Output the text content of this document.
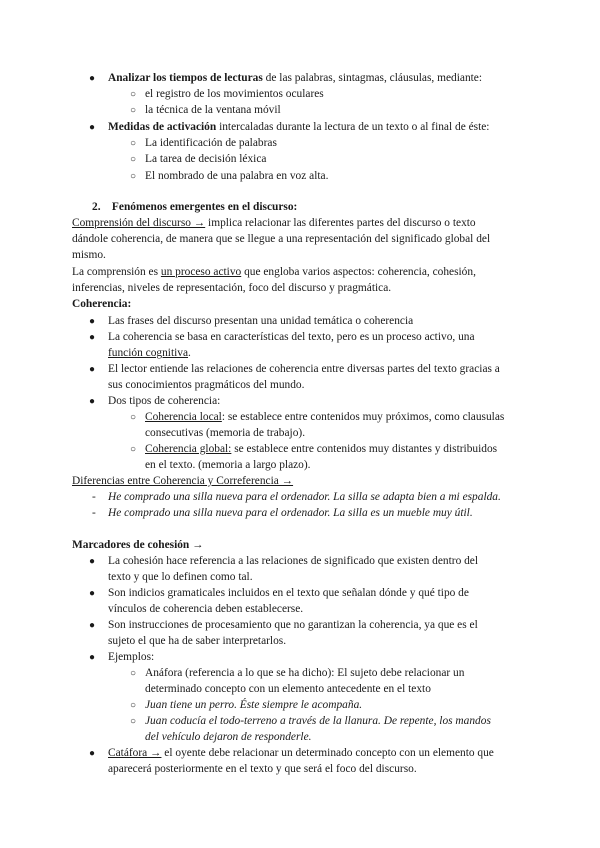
● Analizar los tiempos de lecturas de las palabras, sintagmas, cláusulas, mediante:
○ el registro de los movimientos oculares
○ la técnica de la ventana móvil
● Medidas de activación intercaladas durante la lectura de un texto o al final de éste:
○ La identificación de palabras
○ La tarea de decisión léxica
○ El nombrado de una palabra en voz alta.
2.    Fenómenos emergentes en el discurso:
Comprensión del discurso → implica relacionar las diferentes partes del discurso o texto
dándole coherencia, de manera que se llegue a una representación del significado global del
mismo.
La comprensión es un proceso activo que engloba varios aspectos: coherencia, cohesión,
inferencias, niveles de representación, foco del discurso y pragmática.
Coherencia:
● Las frases del discurso presentan una unidad temática o coherencia
● La coherencia se basa en características del texto, pero es un proceso activo, una
función cognitiva.
● El lector entiende las relaciones de coherencia entre diversas partes del texto gracias a
sus conocimientos pragmáticos del mundo.
● Dos tipos de coherencia:
○ Coherencia local: se establece entre contenidos muy próximos, como clausulas
consecutivas (memoria de trabajo).
○ Coherencia global: se establece entre contenidos muy distantes y distribuidos
en el texto. (memoria a largo plazo).
Diferencias entre Coherencia y Correferencia →
- He comprado una silla nueva para el ordenador. La silla se adapta bien a mi espalda.
- He comprado una silla nueva para el ordenador. La silla es un mueble muy útil.
Marcadores de cohesión →
● La cohesión hace referencia a las relaciones de significado que existen dentro del
texto y que lo definen como tal.
● Son indicios gramaticales incluidos en el texto que señalan dónde y qué tipo de
vínculos de coherencia deben establecerse.
● Son instrucciones de procesamiento que no garantizan la coherencia, ya que es el
sujeto el que ha de saber interpretarlos.
● Ejemplos:
○ Anáfora (referencia a lo que se ha dicho): El sujeto debe relacionar un
determinado concepto con un elemento antecedente en el texto
○ Juan tiene un perro. Éste siempre le acompaña.
○ Juan coducía el todo-terreno a través de la llanura. De repente, los mandos
del vehículo dejaron de responderle.
● Catáfora → el oyente debe relacionar un determinado concepto con un elemento que
aparecerá posteriormente en el texto y que será el foco del discurso.
